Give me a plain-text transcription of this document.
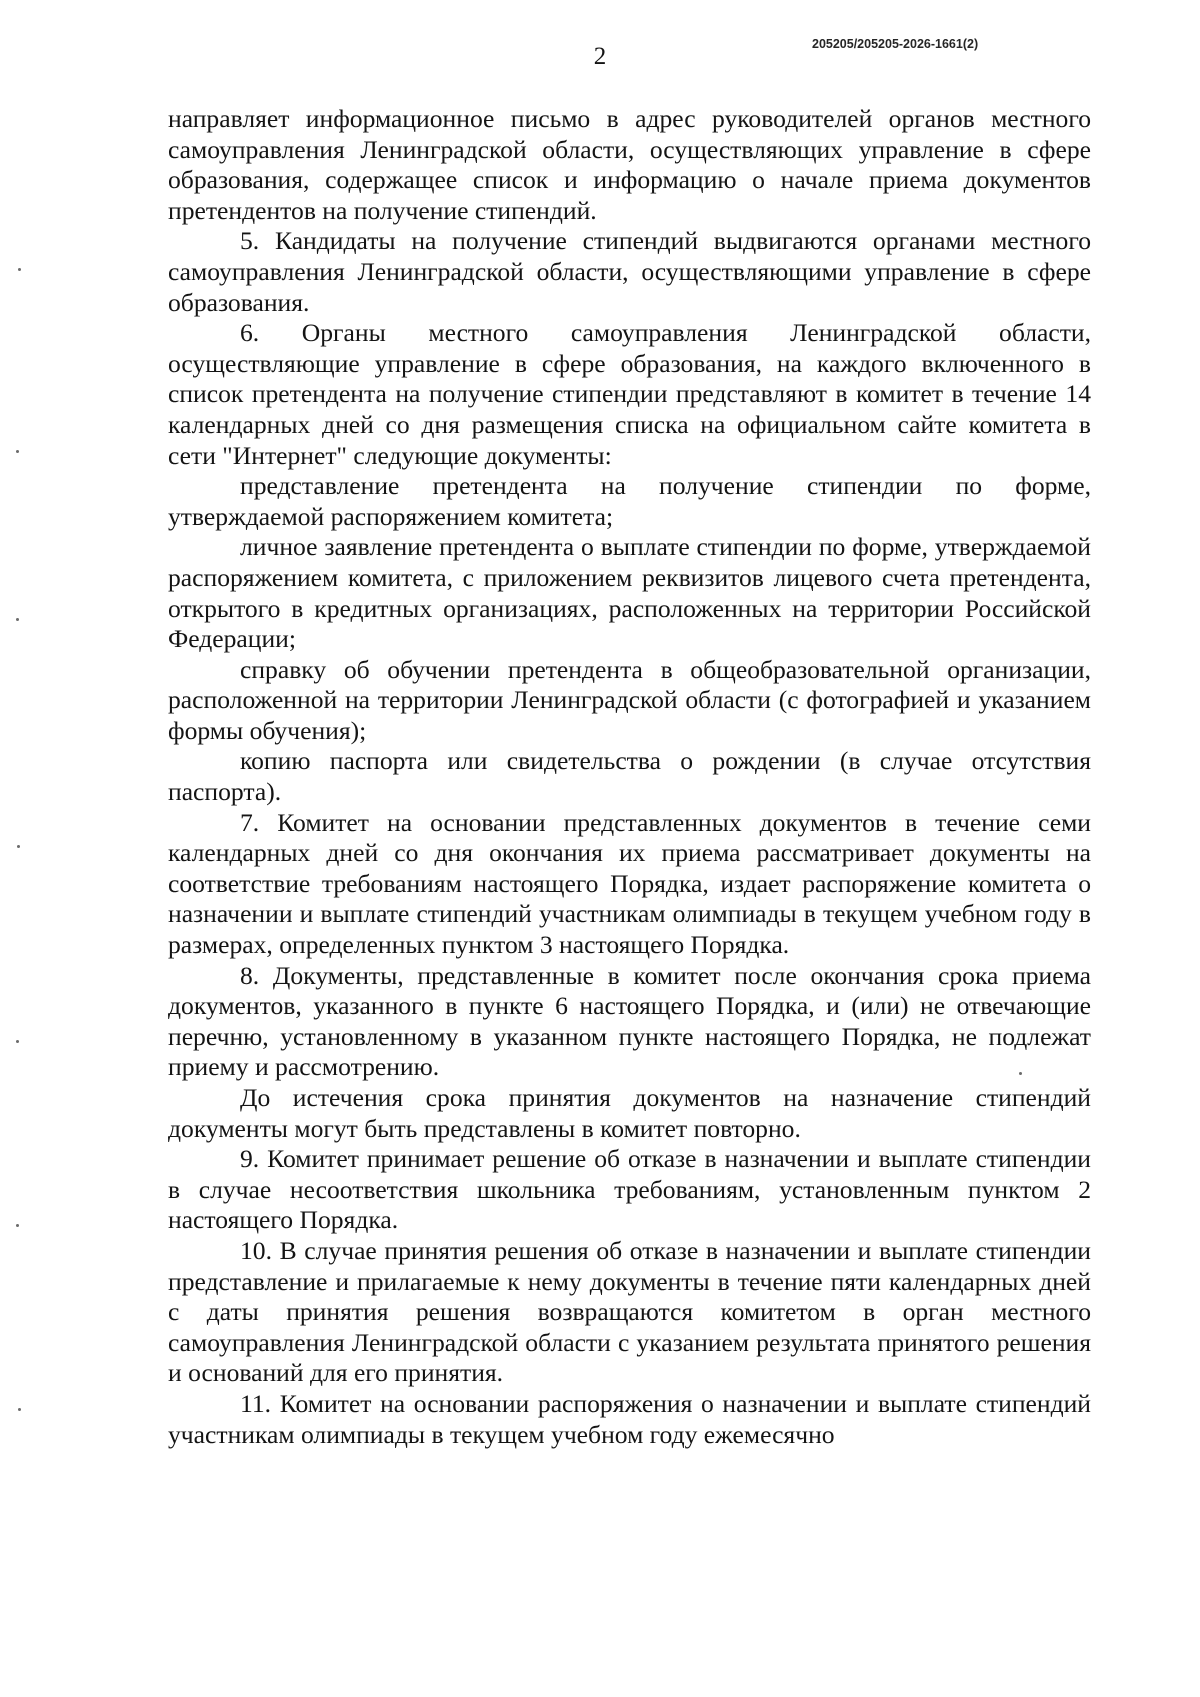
2	205205/205205-2026-1661(2)

направляет информационное письмо в адрес руководителей органов местного самоуправления Ленинградской области, осуществляющих управление в сфере образования, содержащее список и информацию о начале приема документов претендентов на получение стипендий.

5. Кандидаты на получение стипендий выдвигаются органами местного самоуправления Ленинградской области, осуществляющими управление в сфере образования.

6. Органы местного самоуправления Ленинградской области, осуществляющие управление в сфере образования, на каждого включенного в список претендента на получение стипендии представляют в комитет в течение 14 календарных дней со дня размещения списка на официальном сайте комитета в сети "Интернет" следующие документы:

представление претендента на получение стипендии по форме, утверждаемой распоряжением комитета;

личное заявление претендента о выплате стипендии по форме, утверждаемой распоряжением комитета, с приложением реквизитов лицевого счета претендента, открытого в кредитных организациях, расположенных на территории Российской Федерации;

справку об обучении претендента в общеобразовательной организации, расположенной на территории Ленинградской области (с фотографией и указанием формы обучения);

копию паспорта или свидетельства о рождении (в случае отсутствия паспорта).

7. Комитет на основании представленных документов в течение семи календарных дней со дня окончания их приема рассматривает документы на соответствие требованиям настоящего Порядка, издает распоряжение комитета о назначении и выплате стипендий участникам олимпиады в текущем учебном году в размерах, определенных пунктом 3 настоящего Порядка.

8. Документы, представленные в комитет после окончания срока приема документов, указанного в пункте 6 настоящего Порядка, и (или) не отвечающие перечню, установленному в указанном пункте настоящего Порядка, не подлежат приему и рассмотрению.

До истечения срока принятия документов на назначение стипендий документы могут быть представлены в комитет повторно.

9. Комитет принимает решение об отказе в назначении и выплате стипендии в случае несоответствия школьника требованиям, установленным пунктом 2 настоящего Порядка.

10. В случае принятия решения об отказе в назначении и выплате стипендии представление и прилагаемые к нему документы в течение пяти календарных дней с даты принятия решения возвращаются комитетом в орган местного самоуправления Ленинградской области с указанием результата принятого решения и оснований для его принятия.

11. Комитет на основании распоряжения о назначении и выплате стипендий участникам олимпиады в текущем учебном году ежемесячно
